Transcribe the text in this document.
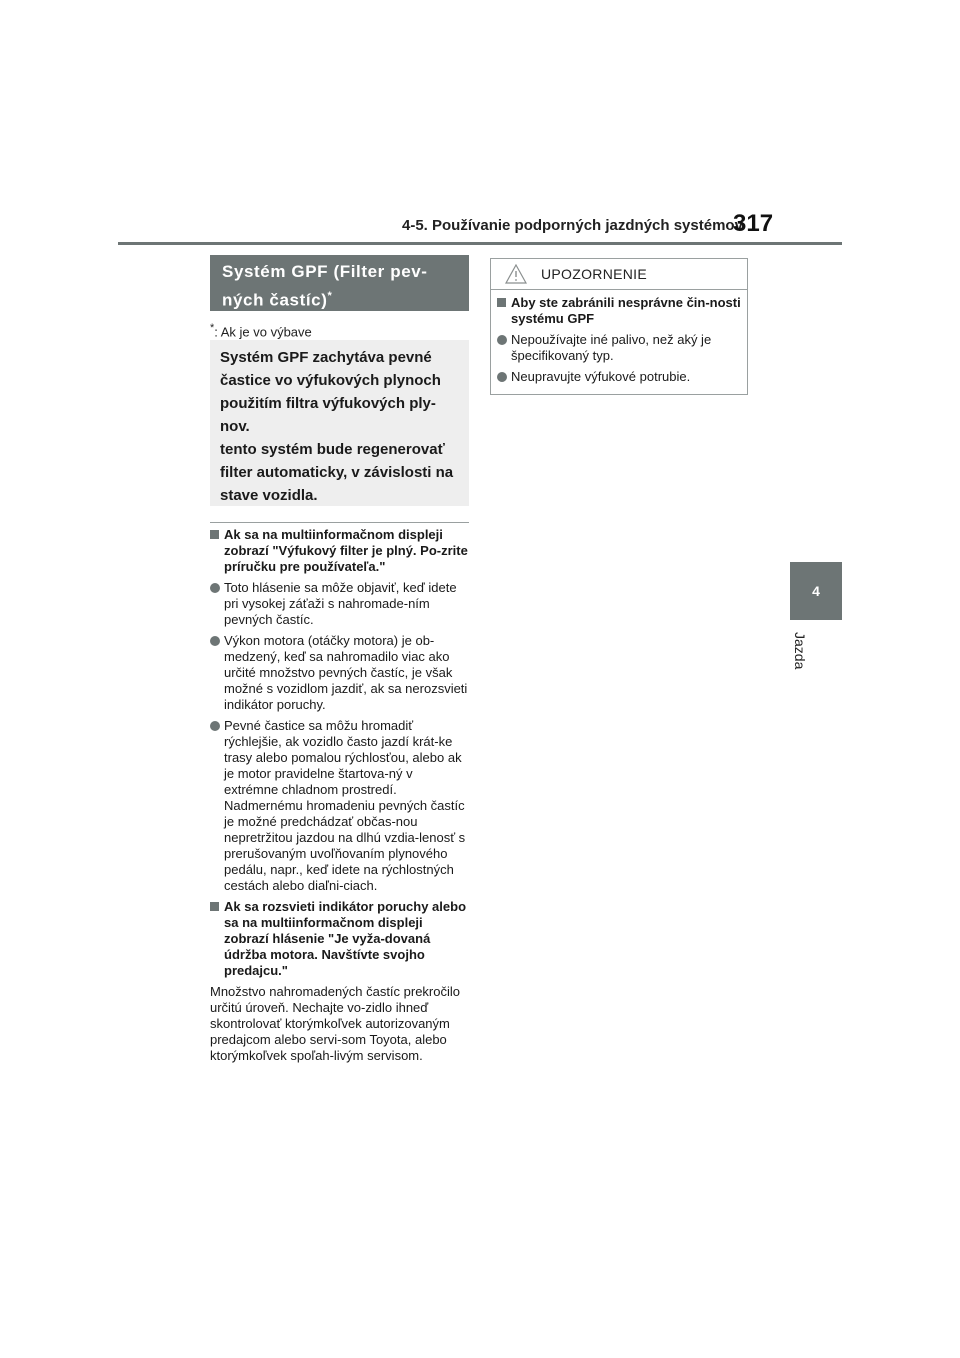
4-5. Používanie podporných jazdných systémov
317
4
Jazda
Systém GPF (Filter pev-
ných častíc)*
*: Ak je vo výbave

Systém GPF zachytáva pevné častice vo výfukových plynoch použitím filtra výfukových ply-nov.

tento systém bude regenerovať filter automaticky, v závislosti na stave vozidla.

Ak sa na multiinformačnom displeji zobrazí "Výfukový filter je plný. Po-zrite príručku pre používateľa."
Toto hlásenie sa môže objaviť, keď idete pri vysokej záťaži s nahromade-ním pevných častíc.
Výkon motora (otáčky motora) je ob-medzený, keď sa nahromadilo viac ako určité množstvo pevných častíc, je však možné s vozidlom jazdiť, ak sa nerozsvieti indikátor poruchy.
Pevné častice sa môžu hromadiť rýchlejšie, ak vozidlo často jazdí krát-ke trasy alebo pomalou rýchlosťou, alebo ak je motor pravidelne štartova-ný v extrémne chladnom prostredí. Nadmernému hromadeniu pevných častíc je možné predchádzať občas-nou nepretržitou jazdou na dlhú vzdia-lenosť s prerušovaným uvoľňovaním plynového pedálu, napr., keď idete na rýchlostných cestách alebo diaľni-ciach.
Ak sa rozsvieti indikátor poruchy alebo sa na multiinformačnom displeji zobrazí hlásenie "Je vyža-dovaná údržba motora. Navštívte svojho predajcu."

Množstvo nahromadených častíc prekročilo určitú úroveň. Nechajte vo-zidlo ihneď skontrolovať ktorýmkoľvek autorizovaným predajcom alebo servi-som Toyota, alebo ktorýmkoľvek spoľah-livým servisom.

UPOZORNENIE
Aby ste zabránili nesprávne čin-nosti systému GPF
Nepoužívajte iné palivo, než aký je špecifikovaný typ.
Neupravujte výfukové potrubie.
